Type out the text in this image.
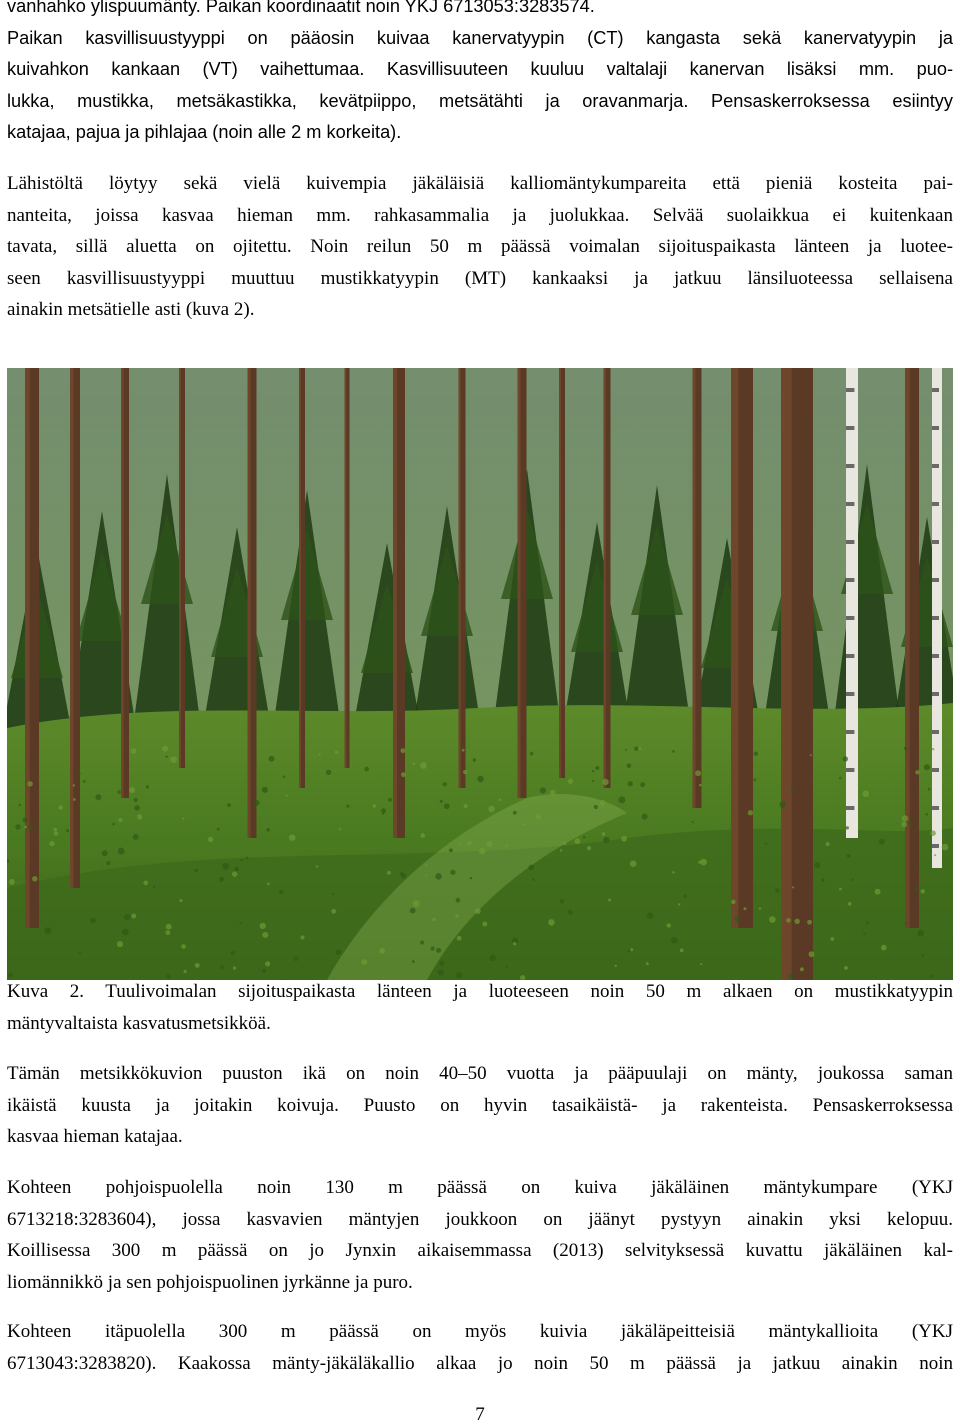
vanhahko ylispuumänty. Paikan koordinaatit noin YKJ 6713053:3283574.
Paikan kasvillisuustyyppi on pääosin kuivaa kanervatyypin (CT) kangasta sekä kanervatyypin ja
kuivahkon kankaan (VT) vaihettumaa. Kasvillisuuteen kuuluu valtalaji kanervan lisäksi mm. puo-
lukka, mustikka, metsäkastikka, kevätpiippo, metsätähti ja oravanmarja. Pensaskerroksessa esiintyy
katajaa, pajua ja pihlajaa (noin alle 2 m korkeita).
Lähistöltä löytyy sekä vielä kuivempia jäkäläisiä kalliomäntykumpareita että pieniä kosteita pai-
nanteita, joissa kasvaa hieman mm. rahkasammalia ja juolukkaa. Selvää suolaikkua ei kuitenkaan
tavata, sillä aluetta on ojitettu. Noin reilun 50 m päässä voimalan sijoituspaikasta länteen ja luotee-
seen kasvillisuustyyppi muuttuu mustikkatyypin (MT) kankaaksi ja jatkuu länsiluoteessa sellaisena
ainakin metsätielle asti (kuva 2).
Kuva 2. Tuulivoimalan sijoituspaikasta länteen ja luoteeseen noin 50 m alkaen on mustikkatyypin
mäntyvaltaista kasvatusmetsikköä.
Tämän metsikkökuvion puuston ikä on noin 40–50 vuotta ja pääpuulaji on mänty, joukossa saman
ikäistä kuusta ja joitakin koivuja. Puusto on hyvin tasaikäistä- ja rakenteista. Pensaskerroksessa
kasvaa hieman katajaa.
Kohteen pohjoispuolella noin 130 m päässä on kuiva jäkäläinen mäntykumpare (YKJ
6713218:3283604), jossa kasvavien mäntyjen joukkoon on jäänyt pystyyn ainakin yksi kelopuu.
Koillisessa 300 m päässä on jo Jynxin aikaisemmassa (2013) selvityksessä kuvattu jäkäläinen kal-
liomännikkö ja sen pohjoispuolinen jyrkänne ja puro.
Kohteen itäpuolella 300 m päässä on myös kuivia jäkäläpeitteisiä mäntykallioita (YKJ
6713043:3283820). Kaakossa mänty-jäkäläkallio alkaa jo noin 50 m päässä ja jatkuu ainakin noin
7
